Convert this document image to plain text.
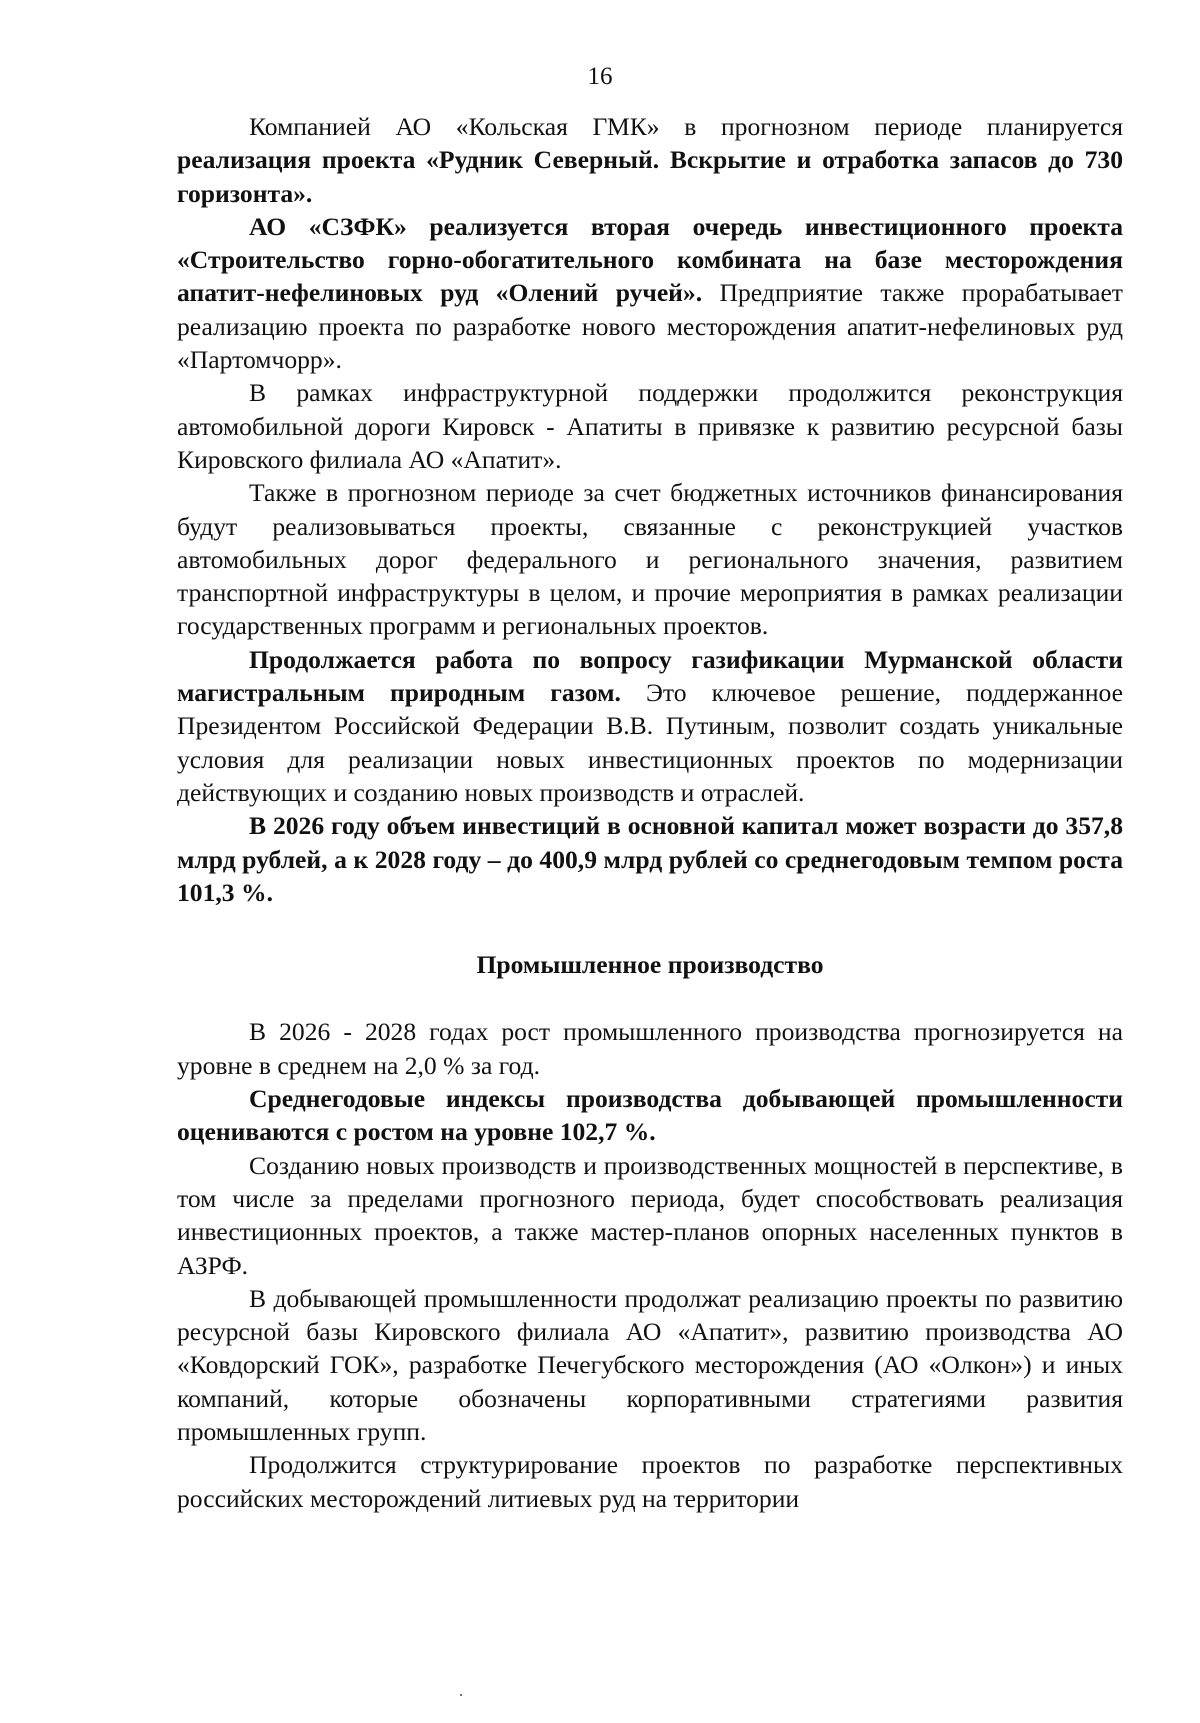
16

Компанией АО «Кольская ГМК» в прогнозном периоде планируется реализация проекта «Рудник Северный. Вскрытие и отработка запасов до 730 горизонта».

АО «СЗФК» реализуется вторая очередь инвестиционного проекта «Строительство горно-обогатительного комбината на базе месторождения апатит-нефелиновых руд «Олений ручей». Предприятие также прорабатывает реализацию проекта по разработке нового месторождения апатит-нефелиновых руд «Партомчорр».

В рамках инфраструктурной поддержки продолжится реконструкция автомобильной дороги Кировск - Апатиты в привязке к развитию ресурсной базы Кировского филиала АО «Апатит».

Также в прогнозном периоде за счет бюджетных источников финансирования будут реализовываться проекты, связанные с реконструкцией участков автомобильных дорог федерального и регионального значения, развитием транспортной инфраструктуры в целом, и прочие мероприятия в рамках реализации государственных программ и региональных проектов.

Продолжается работа по вопросу газификации Мурманской области магистральным природным газом. Это ключевое решение, поддержанное Президентом Российской Федерации В.В. Путиным, позволит создать уникальные условия для реализации новых инвестиционных проектов по модернизации действующих и созданию новых производств и отраслей.

В 2026 году объем инвестиций в основной капитал может возрасти до 357,8 млрд рублей, а к 2028 году – до 400,9 млрд рублей со среднегодовым темпом роста 101,3 %.

Промышленное производство

В 2026 - 2028 годах рост промышленного производства прогнозируется на уровне в среднем на 2,0 % за год.

Среднегодовые индексы производства добывающей промышленности оцениваются с ростом на уровне 102,7 %.

Созданию новых производств и производственных мощностей в перспективе, в том числе за пределами прогнозного периода, будет способствовать реализация инвестиционных проектов, а также мастер-планов опорных населенных пунктов в АЗРФ.

В добывающей промышленности продолжат реализацию проекты по развитию ресурсной базы Кировского филиала АО «Апатит», развитию производства АО «Ковдорский ГОК», разработке Печегубского месторождения (АО «Олкон») и иных компаний, которые обозначены корпоративными стратегиями развития промышленных групп.

Продолжится структурирование проектов по разработке перспективных российских месторождений литиевых руд на территории
